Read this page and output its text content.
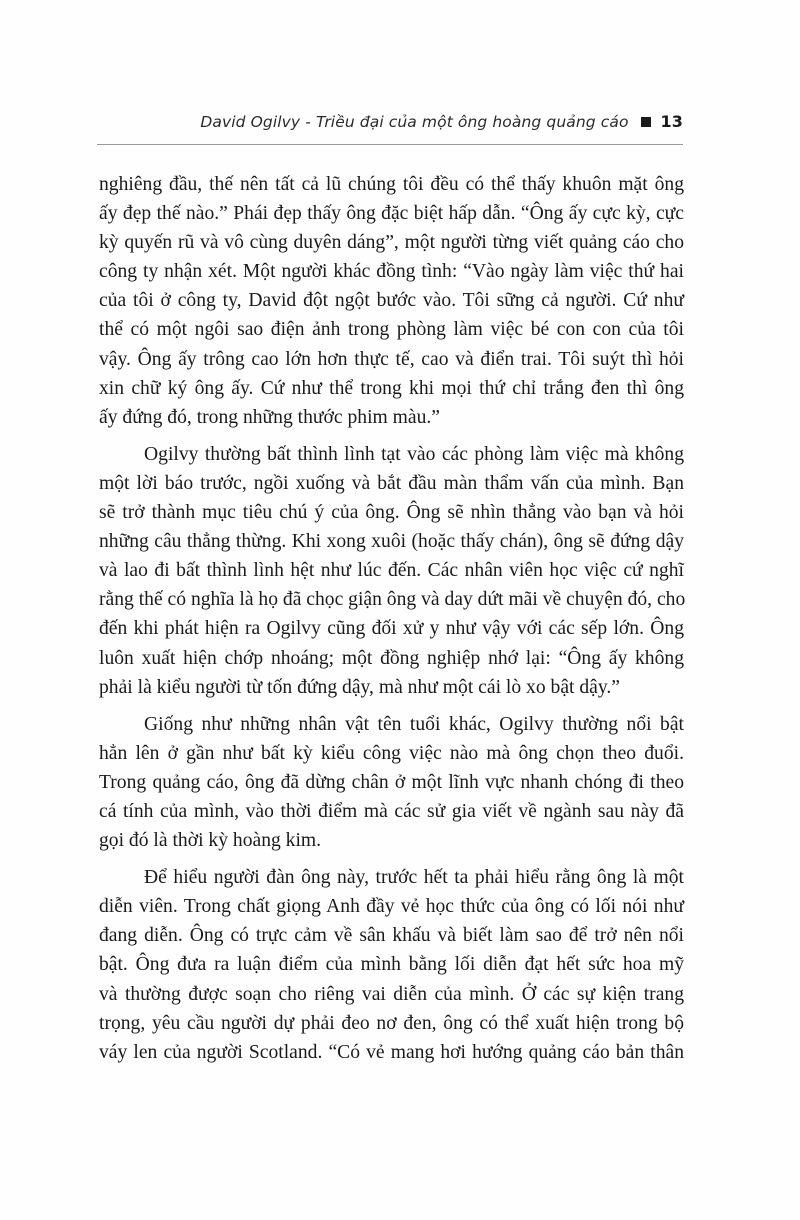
David Ogilvy - Triều đại của một ông hoàng quảng cáo 13

nghiêng đầu, thế nên tất cả lũ chúng tôi đều có thể thấy khuôn mặt ông
ấy đẹp thế nào.” Phái đẹp thấy ông đặc biệt hấp dẫn. “Ông ấy cực kỳ, cực
kỳ quyến rũ và vô cùng duyên dáng”, một người từng viết quảng cáo cho
công ty nhận xét. Một người khác đồng tình: “Vào ngày làm việc thứ hai
của tôi ở công ty, David đột ngột bước vào. Tôi sững cả người. Cứ như
thể có một ngôi sao điện ảnh trong phòng làm việc bé con con của tôi
vậy. Ông ấy trông cao lớn hơn thực tế, cao và điển trai. Tôi suýt thì hỏi
xin chữ ký ông ấy. Cứ như thể trong khi mọi thứ chỉ trắng đen thì ông
ấy đứng đó, trong những thước phim màu.”

Ogilvy thường bất thình lình tạt vào các phòng làm việc mà không
một lời báo trước, ngồi xuống và bắt đầu màn thẩm vấn của mình. Bạn
sẽ trở thành mục tiêu chú ý của ông. Ông sẽ nhìn thẳng vào bạn và hỏi
những câu thẳng thừng. Khi xong xuôi (hoặc thấy chán), ông sẽ đứng dậy
và lao đi bất thình lình hệt như lúc đến. Các nhân viên học việc cứ nghĩ
rằng thế có nghĩa là họ đã chọc giận ông và day dứt mãi về chuyện đó, cho
đến khi phát hiện ra Ogilvy cũng đối xử y như vậy với các sếp lớn. Ông
luôn xuất hiện chớp nhoáng; một đồng nghiệp nhớ lại: “Ông ấy không
phải là kiểu người từ tốn đứng dậy, mà như một cái lò xo bật dậy.”

Giống như những nhân vật tên tuổi khác, Ogilvy thường nổi bật
hẳn lên ở gần như bất kỳ kiểu công việc nào mà ông chọn theo đuổi.
Trong quảng cáo, ông đã dừng chân ở một lĩnh vực nhanh chóng đi theo
cá tính của mình, vào thời điểm mà các sử gia viết về ngành sau này đã
gọi đó là thời kỳ hoàng kim.

Để hiểu người đàn ông này, trước hết ta phải hiểu rằng ông là một
diễn viên. Trong chất giọng Anh đầy vẻ học thức của ông có lối nói như
đang diễn. Ông có trực cảm về sân khấu và biết làm sao để trở nên nổi
bật. Ông đưa ra luận điểm của mình bằng lối diễn đạt hết sức hoa mỹ
và thường được soạn cho riêng vai diễn của mình. Ở các sự kiện trang
trọng, yêu cầu người dự phải đeo nơ đen, ông có thể xuất hiện trong bộ
váy len của người Scotland. “Có vẻ mang hơi hướng quảng cáo bản thân
